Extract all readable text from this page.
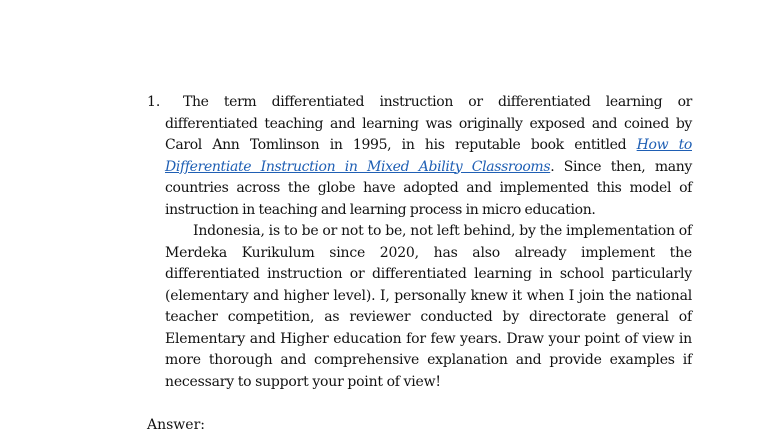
1.	The term differentiated instruction or differentiated learning or differentiated teaching and learning was originally exposed and coined by Carol Ann Tomlinson in 1995, in his reputable book entitled How to Differentiate Instruction in Mixed Ability Classrooms. Since then, many countries across the globe have adopted and implemented this model of instruction in teaching and learning process in micro education.

Indonesia, is to be or not to be, not left behind, by the implementation of Merdeka Kurikulum since 2020, has also already implement the differentiated instruction or differentiated learning in school particularly (elementary and higher level). I, personally knew it when I join the national teacher competition, as reviewer conducted by directorate general of Elementary and Higher education for few years. Draw your point of view in more thorough and comprehensive explanation and provide examples if necessary to support your point of view!

Answer:
